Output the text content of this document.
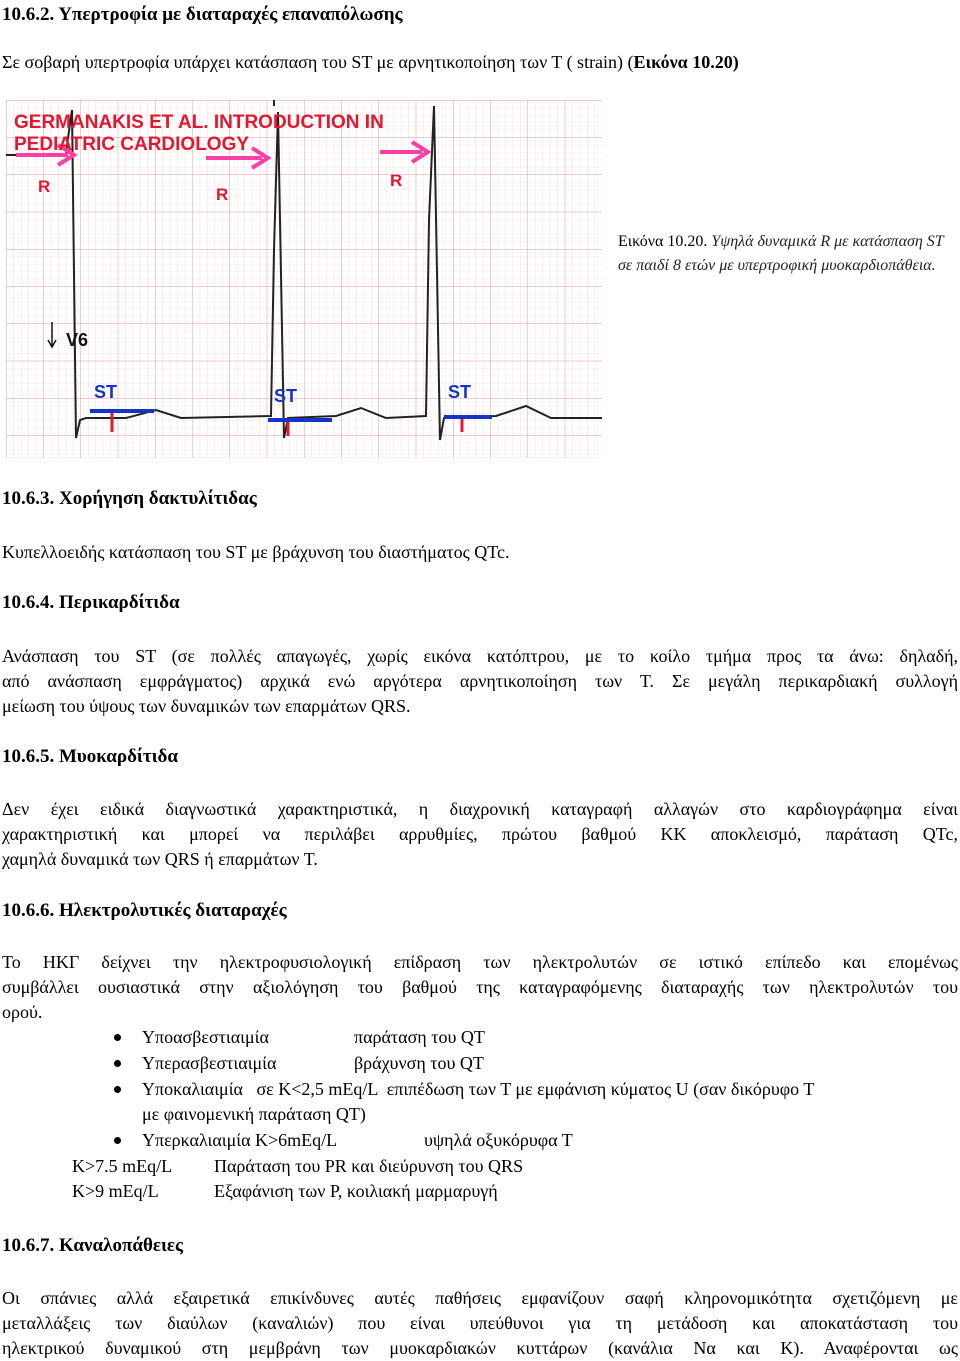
10.6.2. Υπερτροφία με διαταραχές επαναπόλωσης
Σε σοβαρή υπερτροφία υπάρχει κατάσπαση του ST με αρνητικοποίηση των Τ ( strain) (Εικόνα 10.20)
GERMANAKIS ET AL. INTRODUCTION IN
PEDIATRIC CARDIOLOGY
R	R
R
V6
ST	ST	ST
Εικόνα 10.20. Υψηλά δυναμικά R με κατάσπαση ST σε παιδί 8 ετών με υπερτροφική μυοκαρδιοπάθεια.
10.6.3. Χορήγηση δακτυλίτιδας
Κυπελλοειδής κατάσπαση του ST με βράχυνση του διαστήματος QTc.
10.6.4. Περικαρδίτιδα
Ανάσπαση του ST (σε πολλές απαγωγές, χωρίς εικόνα κατόπτρου, με το κοίλο τμήμα προς τα άνω: δηλαδή,
από ανάσπαση εμφράγματος) αρχικά ενώ αργότερα αρνητικοποίηση των Τ. Σε μεγάλη περικαρδιακή συλλογή
μείωση του ύψους των δυναμικών των επαρμάτων QRS.
10.6.5. Μυοκαρδίτιδα
Δεν έχει ειδικά διαγνωστικά χαρακτηριστικά, η διαχρονική καταγραφή αλλαγών στο καρδιογράφημα είναι
χαρακτηριστική και μπορεί να περιλάβει αρρυθμίες, πρώτου βαθμού ΚΚ αποκλεισμό, παράταση QTc,
χαμηλά δυναμικά των QRS ή επαρμάτων Τ.
10.6.6. Ηλεκτρολυτικές διαταραχές
Το ΗΚΓ δείχνει την ηλεκτροφυσιολογική επίδραση των ηλεκτρολυτών σε ιστικό επίπεδο και επομένως
συμβάλλει ουσιαστικά στην αξιολόγηση του βαθμού της καταγραφόμενης διαταραχής των ηλεκτρολυτών του
ορού.
Υποασβεστιαιμία	παράταση του QT
Υπερασβεστιαιμία	βράχυνση του QT
Υποκαλιαιμία   σε K<2,5 mEq/L  επιπέδωση των Τ με εμφάνιση κύματος U (σαν δικόρυφο Τ
με φαινομενική παράταση QT)
Υπερκαλιαιμία K>6mEq/L	υψηλά οξυκόρυφα Τ
K>7.5 mEq/L Παράταση του PR και διεύρυνση του QRS
K>9 mEq/L	Εξαφάνιση των P, κοιλιακή μαρμαρυγή
10.6.7. Καναλοπάθειες
Οι σπάνιες αλλά εξαιρετικά επικίνδυνες αυτές παθήσεις εμφανίζουν σαφή κληρονομικότητα σχετιζόμενη με
μεταλλάξεις των διαύλων (καναλιών) που είναι υπεύθυνοι για τη μετάδοση και αποκατάσταση του
ηλεκτρικού δυναμικού στη μεμβράνη των μυοκαρδιακών κυττάρων (κανάλια Να και Κ). Αναφέρονται ως
